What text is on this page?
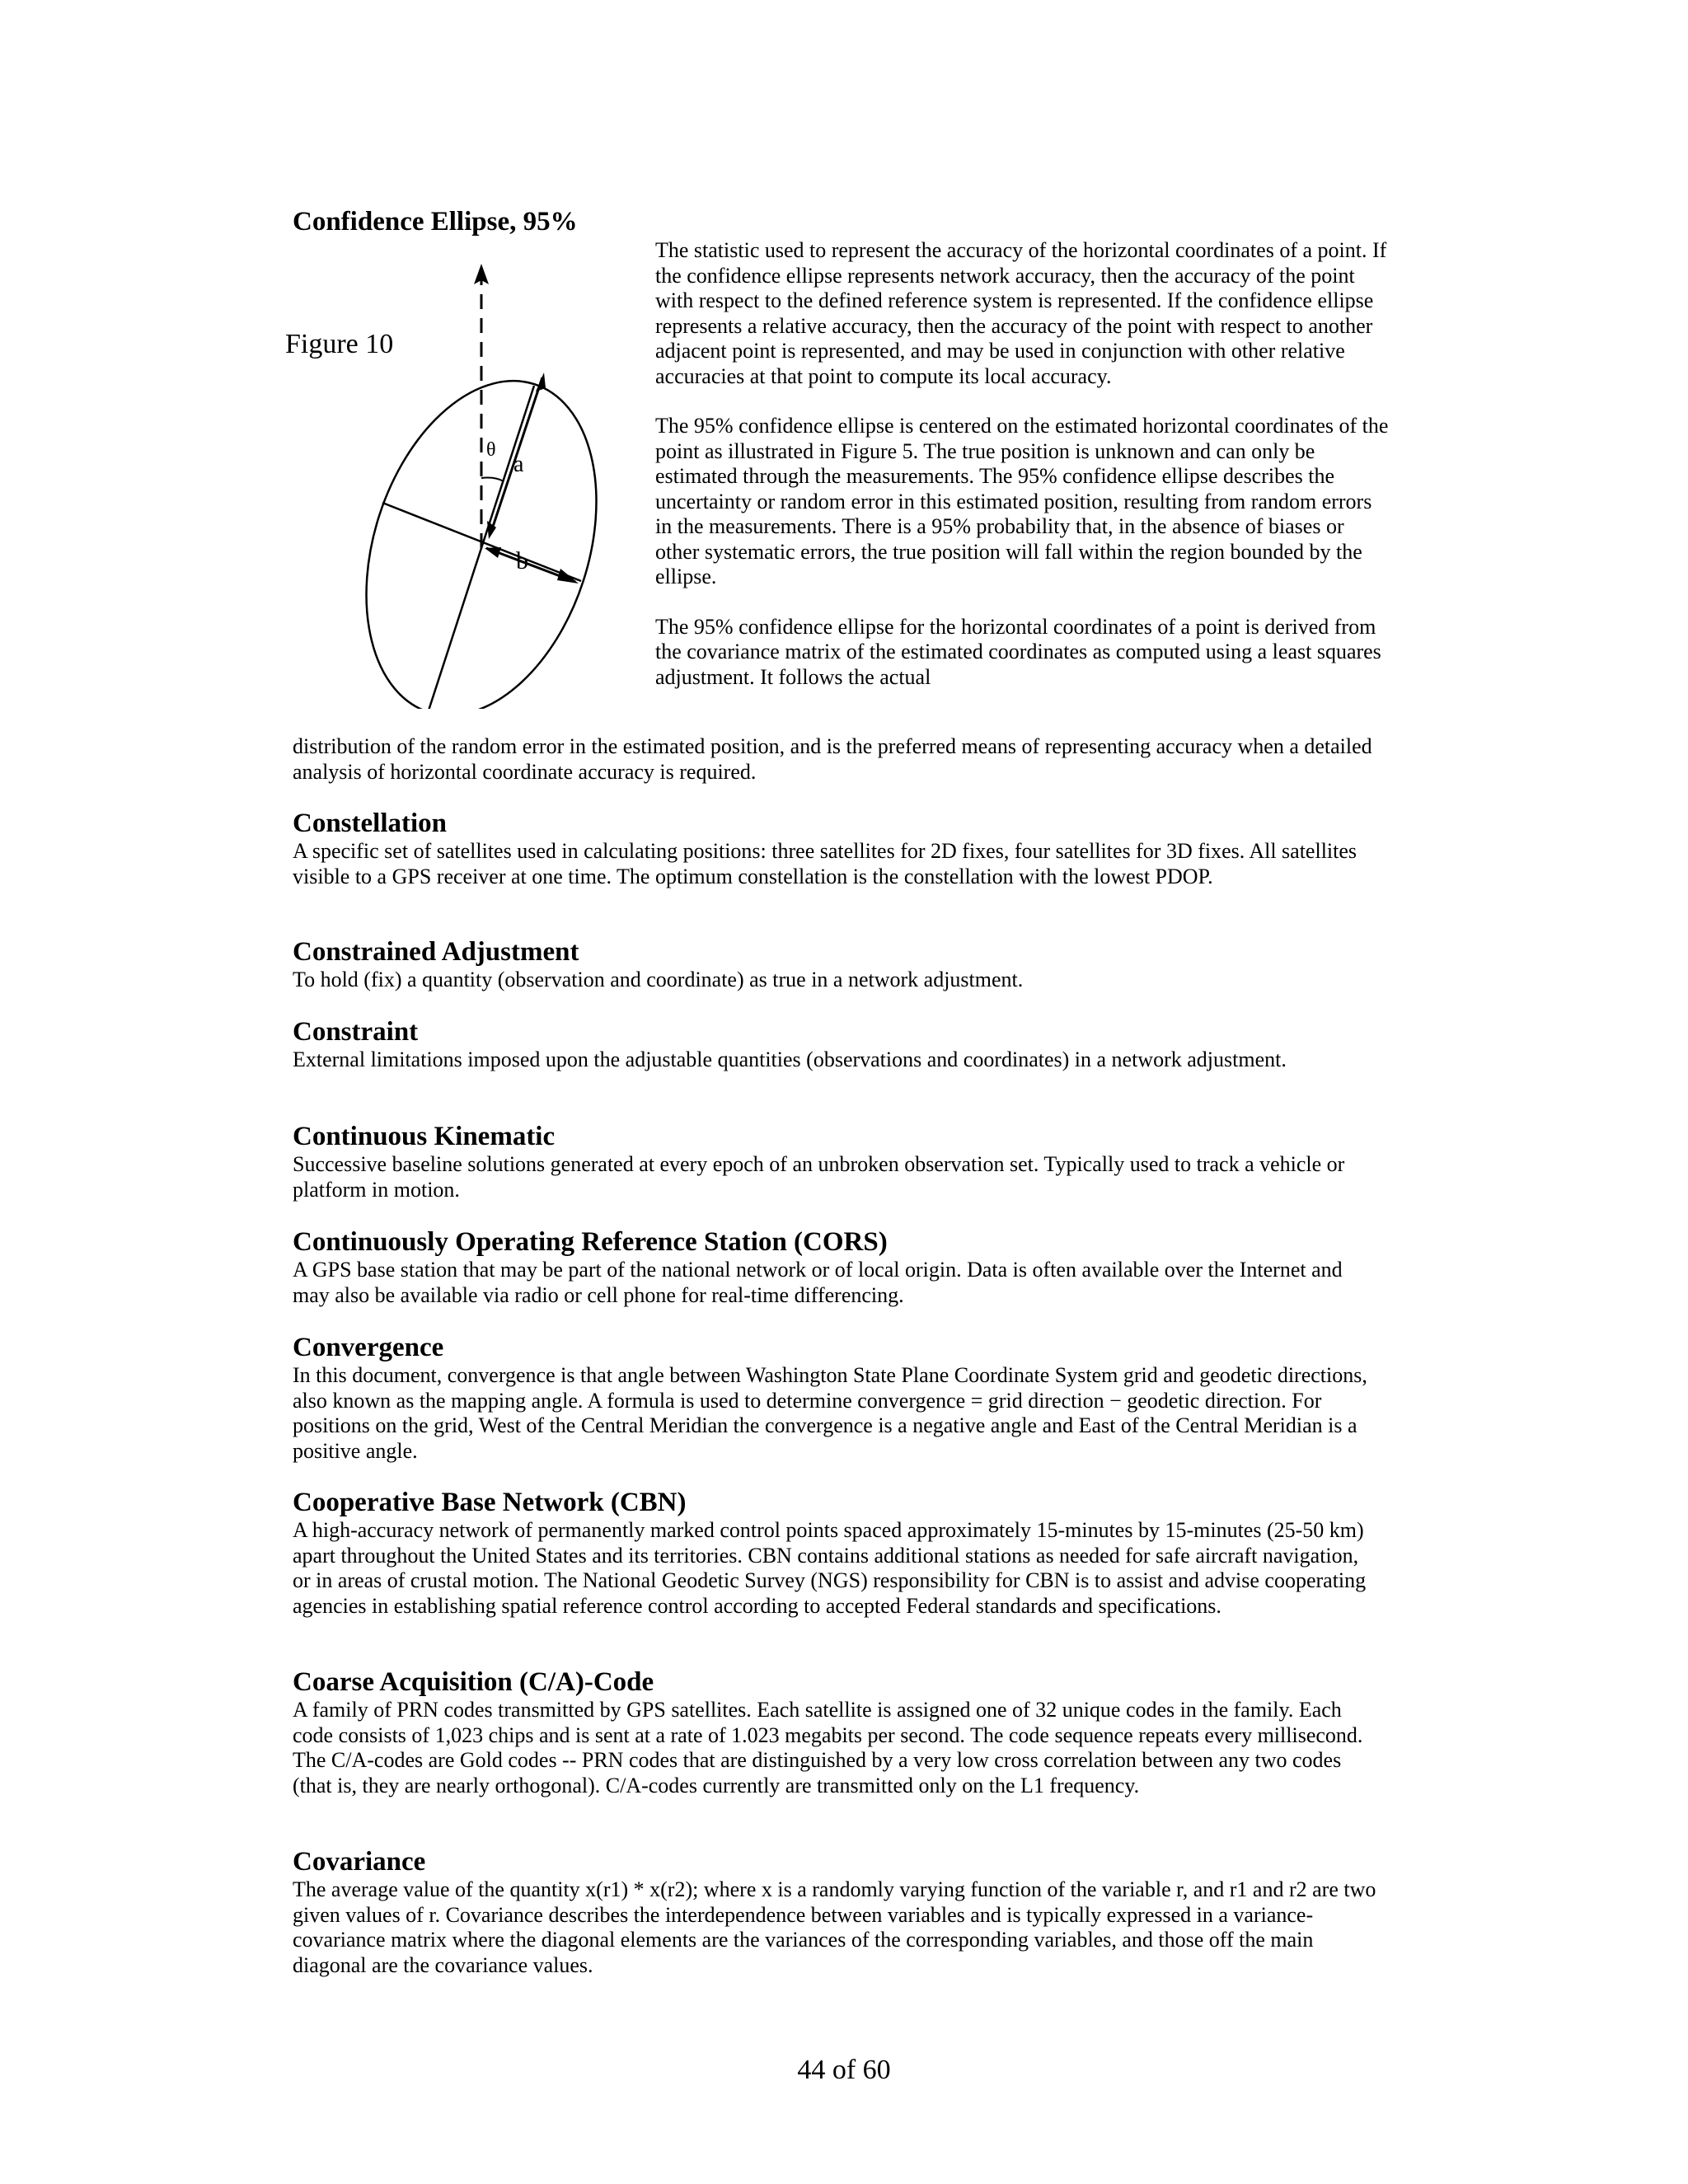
Confidence Ellipse, 95%
Figure 10
θ
a
b

The statistic used to represent the accuracy of the horizontal coordinates of a point. If the confidence ellipse represents network accuracy, then the accuracy of the point with respect to the defined reference system is represented. If the confidence ellipse represents a relative accuracy, then the accuracy of the point with respect to another adjacent point is represented, and may be used in conjunction with other relative accuracies at that point to compute its local accuracy.

The 95% confidence ellipse is centered on the estimated horizontal coordinates of the point as illustrated in Figure 5. The true position is unknown and can only be estimated through the measurements. The 95% confidence ellipse describes the uncertainty or random error in this estimated position, resulting from random errors in the measurements. There is a 95% probability that, in the absence of biases or other systematic errors, the true position will fall within the region bounded by the ellipse.

The 95% confidence ellipse for the horizontal coordinates of a point is derived from the covariance matrix of the estimated coordinates as computed using a least squares adjustment. It follows the actual

distribution of the random error in the estimated position, and is the preferred means of representing accuracy when a detailed analysis of horizontal coordinate accuracy is required.

Constellation

A specific set of satellites used in calculating positions: three satellites for 2D fixes, four satellites for 3D fixes. All satellites visible to a GPS receiver at one time. The optimum constellation is the constellation with the lowest PDOP.

Constrained Adjustment

To hold (fix) a quantity (observation and coordinate) as true in a network adjustment.

Constraint

External limitations imposed upon the adjustable quantities (observations and coordinates) in a network adjustment.

Continuous Kinematic

Successive baseline solutions generated at every epoch of an unbroken observation set. Typically used to track a vehicle or platform in motion.

Continuously Operating Reference Station (CORS)

A GPS base station that may be part of the national network or of local origin. Data is often available over the Internet and may also be available via radio or cell phone for real-time differencing.

Convergence

In this document, convergence is that angle between Washington State Plane Coordinate System grid and geodetic directions, also known as the mapping angle. A formula is used to determine convergence = grid direction − geodetic direction. For positions on the grid, West of the Central Meridian the convergence is a negative angle and East of the Central Meridian is a positive angle.

Cooperative Base Network (CBN)

A high-accuracy network of permanently marked control points spaced approximately 15-minutes by 15-minutes (25-50 km) apart throughout the United States and its territories. CBN contains additional stations as needed for safe aircraft navigation, or in areas of crustal motion. The National Geodetic Survey (NGS) responsibility for CBN is to assist and advise cooperating agencies in establishing spatial reference control according to accepted Federal standards and specifications.

Coarse Acquisition (C/A)-Code

A family of PRN codes transmitted by GPS satellites. Each satellite is assigned one of 32 unique codes in the family. Each code consists of 1,023 chips and is sent at a rate of 1.023 megabits per second. The code sequence repeats every millisecond. The C/A-codes are Gold codes -- PRN codes that are distinguished by a very low cross correlation between any two codes (that is, they are nearly orthogonal). C/A-codes currently are transmitted only on the L1 frequency.

Covariance

The average value of the quantity x(r1) * x(r2); where x is a randomly varying function of the variable r, and r1 and r2 are two given values of r. Covariance describes the interdependence between variables and is typically expressed in a variance-covariance matrix where the diagonal elements are the variances of the corresponding variables, and those off the main diagonal are the covariance values.

44 of 60
